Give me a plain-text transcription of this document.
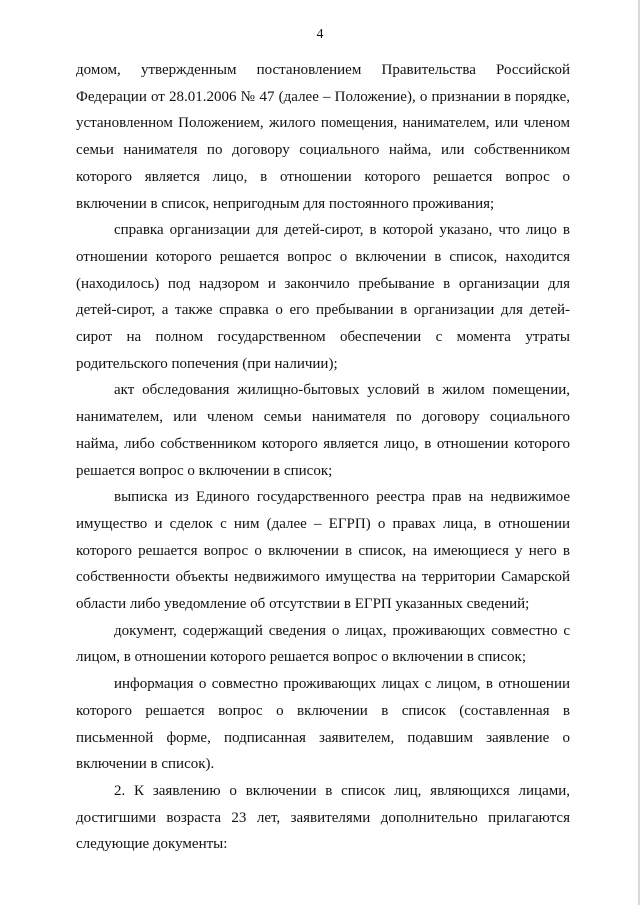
4

домом, утвержденным постановлением Правительства Российской Федерации от 28.01.2006 № 47 (далее – Положение), о признании в порядке, установленном Положением, жилого помещения, нанимателем, или членом семьи нанимателя по договору социального найма, или собственником которого является лицо, в отношении которого решается вопрос о включении в список, непригодным для постоянного проживания;

справка организации для детей-сирот, в которой указано, что лицо в отношении которого решается вопрос о включении в список, находится (находилось) под надзором и закончило пребывание в организации для детей-сирот, а также справка о его пребывании в организации для детей-сирот на полном государственном обеспечении с момента утраты родительского попечения (при наличии);

акт обследования жилищно-бытовых условий в жилом помещении, нанимателем, или членом семьи нанимателя по договору социального найма, либо собственником которого является лицо, в отношении которого решается вопрос о включении в список;

выписка из Единого государственного реестра прав на недвижимое имущество и сделок с ним (далее – ЕГРП) о правах лица, в отношении которого решается вопрос о включении в список, на имеющиеся у него в собственности объекты недвижимого имущества на территории Самарской области либо уведомление об отсутствии в ЕГРП указанных сведений;

документ, содержащий сведения о лицах, проживающих совместно с лицом, в отношении которого решается вопрос о включении в список;

информация о совместно проживающих лицах с лицом, в отношении которого решается вопрос о включении в список (составленная в письменной форме, подписанная заявителем, подавшим заявление о включении в список).

2. К заявлению о включении в список лиц, являющихся лицами, достигшими возраста 23 лет, заявителями дополнительно прилагаются следующие документы:
